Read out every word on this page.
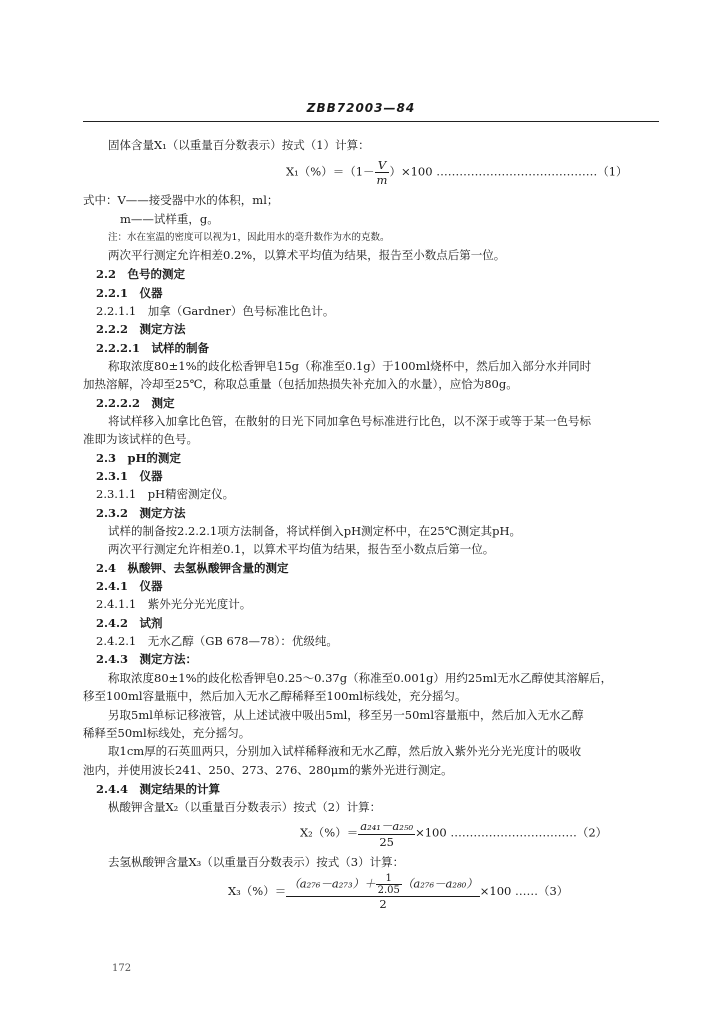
ZBB72003—84
固体含量X₁（以重量百分数表示）按式（1）计算：
$X_1(\%)=(1- \frac{V}{m} )\times 100$ ……………………………………（1）
式中：V——接受器中水的体积，ml；
m——试样重，g。
注：水在室温的密度可以视为1，因此用水的毫升数作为水的克数。
两次平行测定允许相差0.2%，以算术平均值为结果，报告至小数点后第一位。
2.2　色号的测定
2.2.1　仪器
2.2.1.1　加拿（Gardner）色号标准比色计。
2.2.2　测定方法
2.2.2.1　试样的制备
称取浓度80±1%的歧化松香钾皂15g（称准至0.1g）于100ml烧杯中，然后加入部分水并同时
加热溶解，冷却至25℃，称取总重量（包括加热损失补充加入的水量），应恰为80g。
2.2.2.2　测定
将试样移入加拿比色管，在散射的日光下同加拿色号标准进行比色，以不深于或等于某一色号标
准即为该试样的色号。
2.3　pH的测定
2.3.1　仪器
2.3.1.1　pH精密测定仪。
2.3.2　测定方法
试样的制备按2.2.2.1项方法制备，将试样倒入pH测定杯中，在25℃测定其pH。
两次平行测定允许相差0.1，以算术平均值为结果，报告至小数点后第一位。
2.4　枞酸钾、去氢枞酸钾含量的测定
2.4.1　仪器
2.4.1.1　紫外光分光光度计。
2.4.2　试剂
2.4.2.1　无水乙醇（GB 678—78）：优级纯。
2.4.3　测定方法：
称取浓度80±1%的歧化松香钾皂0.25～0.37g（称准至0.001g）用约25ml无水乙醇使其溶解后，
移至100ml容量瓶中，然后加入无水乙醇稀释至100ml标线处，充分摇匀。
另取5ml单标记移液管，从上述试液中吸出5ml，移至另一50ml容量瓶中，然后加入无水乙醇
稀释至50ml标线处，充分摇匀。
取1cm厚的石英皿两只，分别加入试样稀释液和无水乙醇，然后放入紫外光分光光度计的吸收
池内，并使用波长241、250、273、276、280μm的紫外光进行测定。
2.4.4　测定结果的计算
枞酸钾含量X₂（以重量百分数表示）按式（2）计算：
$X_2(\%)= \frac{\text{a₂₄₁－a₂₅₀}}{25} \times 100$ ……………………………（2）
去氢枞酸钾含量X₃（以重量百分数表示）按式（3）计算：
$X_3(\%)= \frac{(a_{276}-a_{273})+ \frac{1}{2.05} (a_{276}-a_{280})}{2} \times 100$ ……（3）
172
